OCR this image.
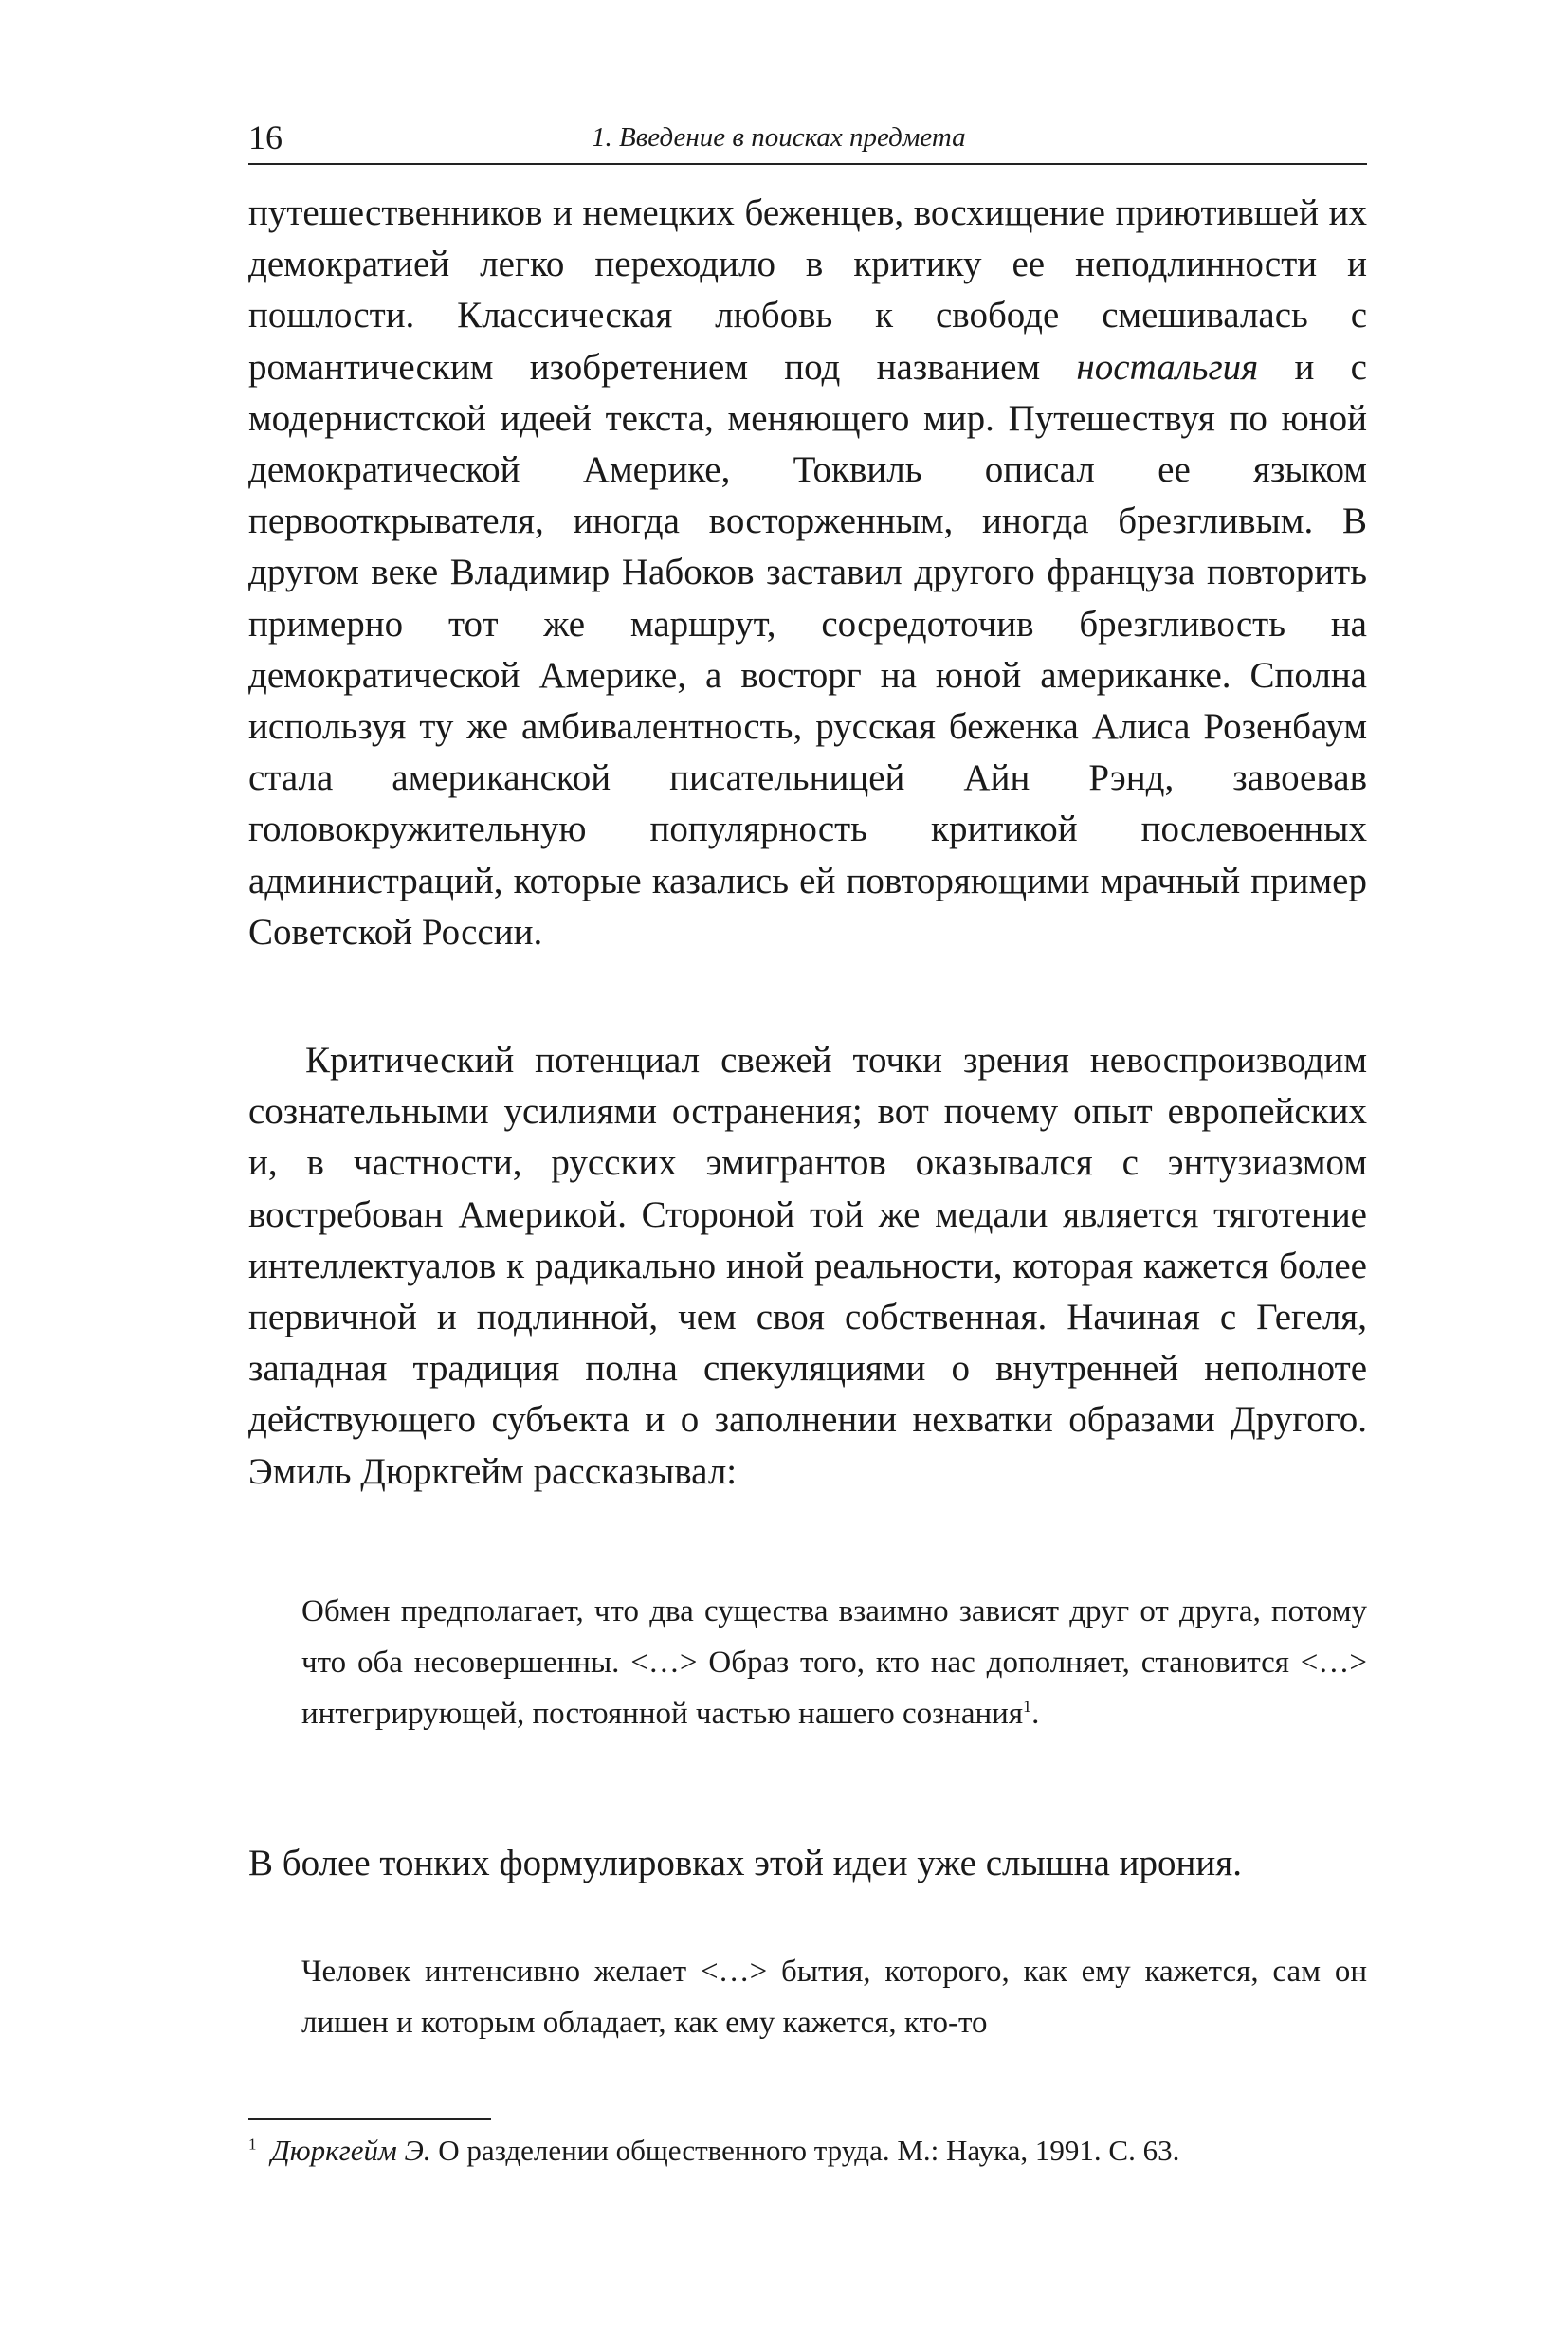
16	1. Введение в поисках предмета

путешественников и немецких беженцев, восхищение приютившей их демократией легко переходило в критику ее неподлинности и пошлости. Классическая любовь к свободе смешивалась с романтическим изобретением под названием ностальгия и с модернистской идеей текста, меняющего мир. Путешествуя по юной демократической Америке, Токвиль описал ее языком первооткрывателя, иногда восторженным, иногда брезгливым. В другом веке Владимир Набоков заставил другого француза повторить примерно тот же маршрут, сосредоточив брезгливость на демократической Америке, а восторг на юной американке. Сполна используя ту же амбивалентность, русская беженка Алиса Розенбаум стала американской писательницей Айн Рэнд, завоевав головокружительную популярность критикой послевоенных администраций, которые казались ей повторяющими мрачный пример Советской России.

Критический потенциал свежей точки зрения невоспроизводим сознательными усилиями остранения; вот почему опыт европейских и, в частности, русских эмигрантов оказывался с энтузиазмом востребован Америкой. Стороной той же медали является тяготение интеллектуалов к радикально иной реальности, которая кажется более первичной и подлинной, чем своя собственная. Начиная с Гегеля, западная традиция полна спекуляциями о внутренней неполноте действующего субъекта и о заполнении нехватки образами Другого. Эмиль Дюркгейм рассказывал:

Обмен предполагает, что два существа взаимно зависят друг от друга, потому что оба несовершенны. <…> Образ того, кто нас дополняет, становится <…> интегрирующей, постоянной частью нашего сознания$^1$.

В более тонких формулировках этой идеи уже слышна ирония.

Человек интенсивно желает <…> бытия, которого, как ему кажется, сам он лишен и которым обладает, как ему кажется, кто-то

$^1$ Дюркгейм Э. О разделении общественного труда. М.: Наука, 1991. С. 63.
